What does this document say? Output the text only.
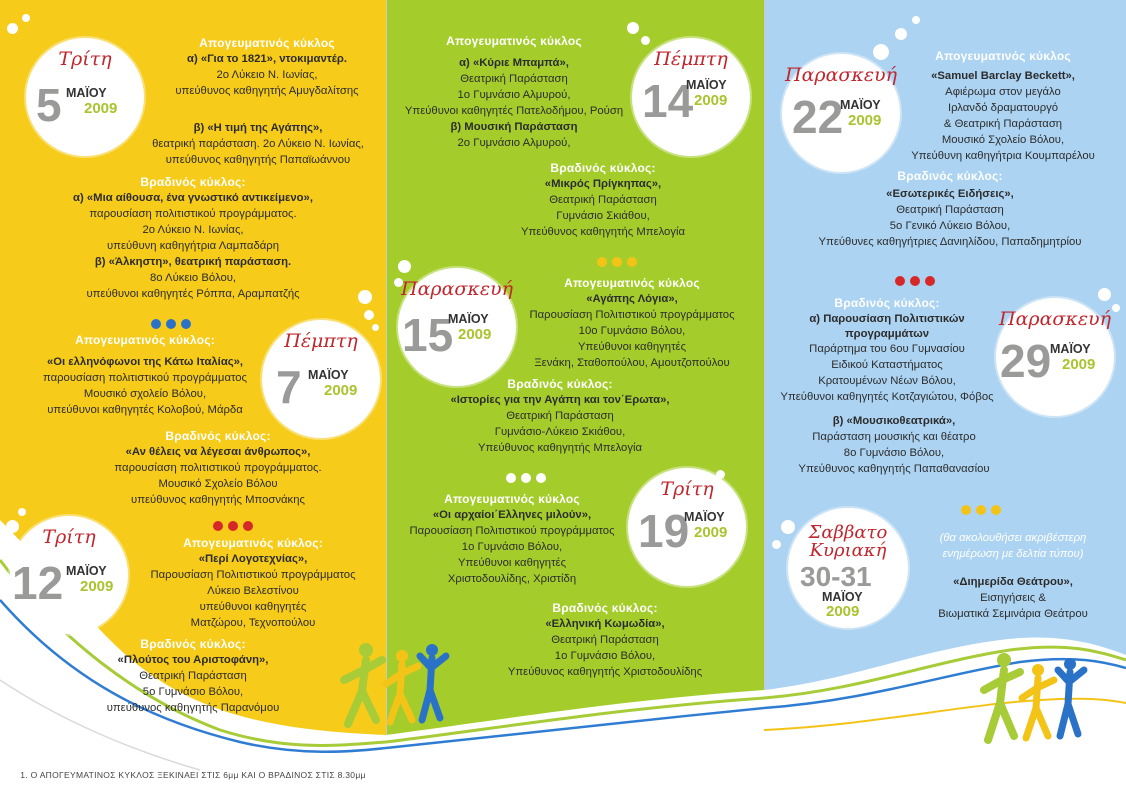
Τρίτη
5 ΜΑΪΟΥ
2009
Πέμπτη
7 ΜΑΪΟΥ
2009
Τρίτη
12 ΜΑΪΟΥ
2009
Πέμπτη
14
ΜΑΪΟΥ
2009
Παρασκευή
15
ΜΑΪΟΥ
2009
Τρίτη
19
ΜΑΪΟΥ
2009
Παρασκευή
22
ΜΑΪΟΥ
2009
Παρασκευή
29
ΜΑΪΟΥ
2009
Σαββατο
Κυριακή
30-31
ΜΑΪΟΥ
2009
Απογευματινός κύκλος
α) «Για το 1821», ντοκιμαντέρ.
2ο Λύκειο Ν. Ιωνίας,
υπεύθυνος καθηγητής Αμυγδαλίτσης
β) «Η τιμή της Αγάπης»,
θεατρική παράσταση. 2ο Λύκειο Ν. Ιωνίας,
υπεύθυνος καθηγητής Παπαϊωάννου
Βραδινός κύκλος:
α) «Μια αίθουσα, ένα γνωστικό αντικείμενο»,
παρουσίαση πολιτιστικού προγράμματος.
2ο Λύκειο Ν. Ιωνίας,
υπεύθυνη καθηγήτρια Λαμπαδάρη
β) «Άλκηστη», θεατρική παράσταση.
8ο Λύκειο Βόλου,
υπεύθυνοι καθηγητές Ρόππα, Αραμπατζής
Απογευματινός κύκλος:
«Οι ελληνόφωνοι της Κάτω Ιταλίας»,
παρουσίαση πολιτιστικού προγράμματος
Μουσικό σχολείο Βόλου,
υπεύθυνοι καθηγητές Κολοβού, Μάρδα
Βραδινός κύκλος:
«Αν θέλεις να λέγεσαι άνθρωπος»,
παρουσίαση πολιτιστικού προγράμματος.
Μουσικό Σχολείο Βόλου
υπεύθυνος καθηγητής Μποσνάκης
Απογευματινός κύκλος:
«Περί Λογοτεχνίας»,
Παρουσίαση Πολιτιστικού προγράμματος
Λύκειο Βελεστίνου
υπεύθυνοι καθηγητές
Ματζώρου, Τεχνοπούλου
Βραδινός κύκλος:
«Πλούτος του Αριστοφάνη»,
Θεατρική Παράσταση
5ο Γυμνάσιο Βόλου,
υπεύθυνος καθηγητής Παρανόμου
1. Ο ΑΠΟΓΕΥΜΑΤΙΝΟΣ ΚΥΚΛΟΣ ΞΕΚΙΝΑΕΙ ΣΤΙΣ 6μμ ΚΑΙ Ο ΒΡΑΔΙΝΟΣ ΣΤΙΣ 8.30μμ
Απογευματινός κύκλος
α) «Κύριε Μπαμπά»,
Θεατρική Παράσταση
1ο Γυμνάσιο Αλμυρού,
Υπεύθυνοι καθηγητές Πατελοδήμου, Ρούση
β) Μουσική Παράσταση
2ο Γυμνάσιο Αλμυρού,
Βραδινός κύκλος:
«Μικρός Πρίγκηπας»,
Θεατρική Παράσταση
Γυμνάσιο Σκιάθου,
Υπεύθυνος καθηγητής Μπελογία
Απογευματινός κύκλος
«Αγάπης Λόγια»,
Παρουσίαση Πολιτιστικού προγράμματος
10ο Γυμνάσιο Βόλου,
Υπεύθυνοι καθηγητές
Ξενάκη, Σταθοπούλου, Αμουτζοπούλου
Βραδινός κύκλος:
«Ιστορίες για την Αγάπη και τον΄Ερωτα»,
Θεατρική Παράσταση
Γυμνάσιο-Λύκειο Σκιάθου,
Υπεύθυνος καθηγητής Μπελογία
Απογευματινός κύκλος
«Οι αρχαίοι΄Ελληνες μιλούν»,
Παρουσίαση Πολιτιστικού προγράμματος
1ο Γυμνάσιο Βόλου,
Υπεύθυνοι καθηγητές
Χριστοδουλίδης, Χριστίδη
Βραδινός κύκλος:
«Ελληνική Κωμωδία»,
Θεατρική Παράσταση
1ο Γυμνάσιο Βόλου,
Υπεύθυνος καθηγητής Χριστοδουλίδης
Απογευματινός κύκλος
«Samuel Barclay Beckett»,
Αφιέρωμα στον μεγάλο
Ιρλανδό δραματουργό
& Θεατρική Παράσταση
Μουσικό Σχολείο Βόλου,
Υπεύθυνη καθηγήτρια Κουμπαρέλου
Βραδινός κύκλος:
«Εσωτερικές Ειδήσεις»,
Θεατρική Παράσταση
5ο Γενικό Λύκειο Βόλου,
Υπεύθυνες καθηγήτριες Δανιηλίδου, Παπαδημητρίου
Βραδινός κύκλος:
α) Παρουσίαση Πολιτιστικών
προγραμμάτων
Παράρτημα του 6ου Γυμνασίου
Ειδικού Καταστήματος
Κρατουμένων Νέων Βόλου,
Υπεύθυνοι καθηγητές Κοτζαγιώτου, Φόβος
β) «Μουσικοθεατρικά»,
Παράσταση μουσικής και θέατρο
8ο Γυμνάσιο Βόλου,
Υπεύθυνος καθηγητής Παπαθανασίου
(θα ακολουθήσει ακριβέστερη
ενημέρωση με δελτία τύπου)
«Διημερίδα Θεάτρου»,
Εισηγήσεις &
Βιωματικά Σεμινάρια Θεάτρου
